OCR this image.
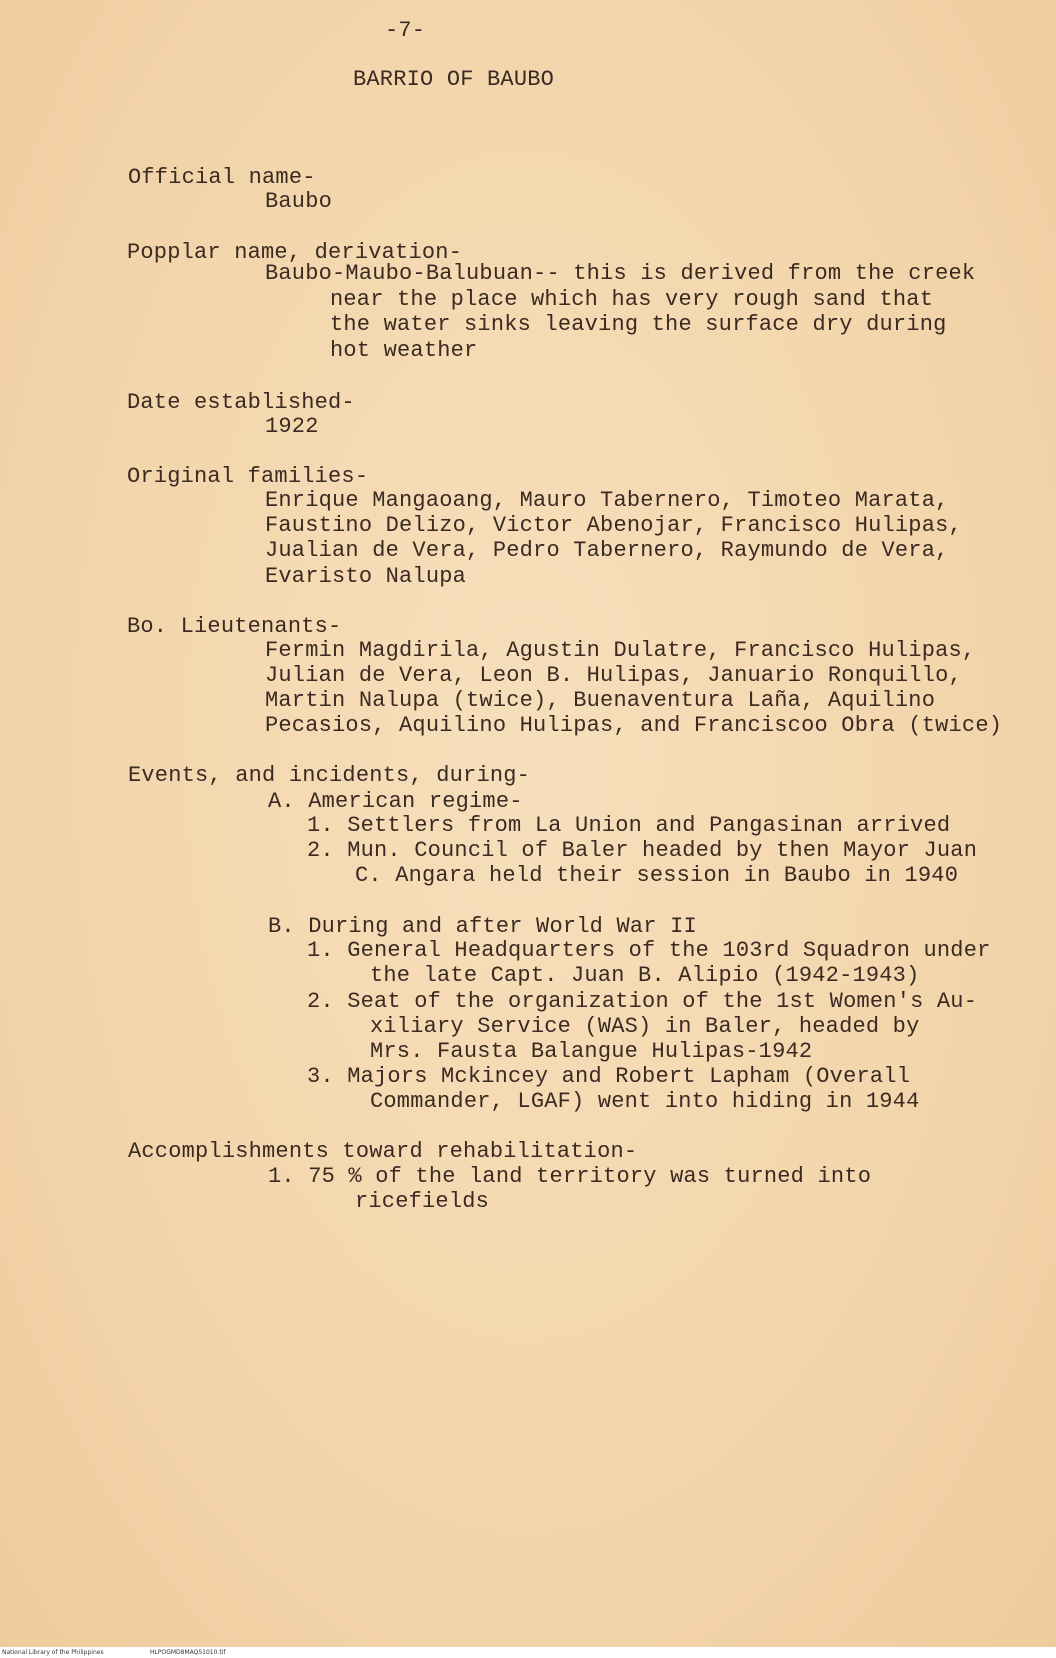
-7-
BARRIO OF BAUBO
Official name-
Baubo
Popplar name, derivation-
Baubo-Maubo-Balubuan-- this is derived from the creek
near the place which has very rough sand that
the water sinks leaving the surface dry during
hot weather
Date established-
1922
Original families-
Enrique Mangaoang, Mauro Tabernero, Timoteo Marata,
Faustino Delizo, Victor Abenojar, Francisco Hulipas,
Jualian de Vera, Pedro Tabernero, Raymundo de Vera,
Evaristo Nalupa
Bo. Lieutenants-
Fermin Magdirila, Agustin Dulatre, Francisco Hulipas,
Julian de Vera, Leon B. Hulipas, Januario Ronquillo,
Martin Nalupa (twice), Buenaventura Laña, Aquilino
Pecasios, Aquilino Hulipas, and Franciscoo Obra (twice)
Events, and incidents, during-
A. American regime-
1. Settlers from La Union and Pangasinan arrived
2. Mun. Council of Baler headed by then Mayor Juan
C. Angara held their session in Baubo in 1940
B. During and after World War II
1. General Headquarters of the 103rd Squadron under
the late Capt. Juan B. Alipio (1942-1943)
2. Seat of the organization of the 1st Women's Au-
xiliary Service (WAS) in Baler, headed by
Mrs. Fausta Balangue Hulipas-1942
3. Majors Mckincey and Robert Lapham (Overall
Commander, LGAF) went into hiding in 1944
Accomplishments toward rehabilitation-
1. 75 % of the land territory was turned into
ricefields
National Library of the Philippines	HLPOGMD8MAQ51010.tif
